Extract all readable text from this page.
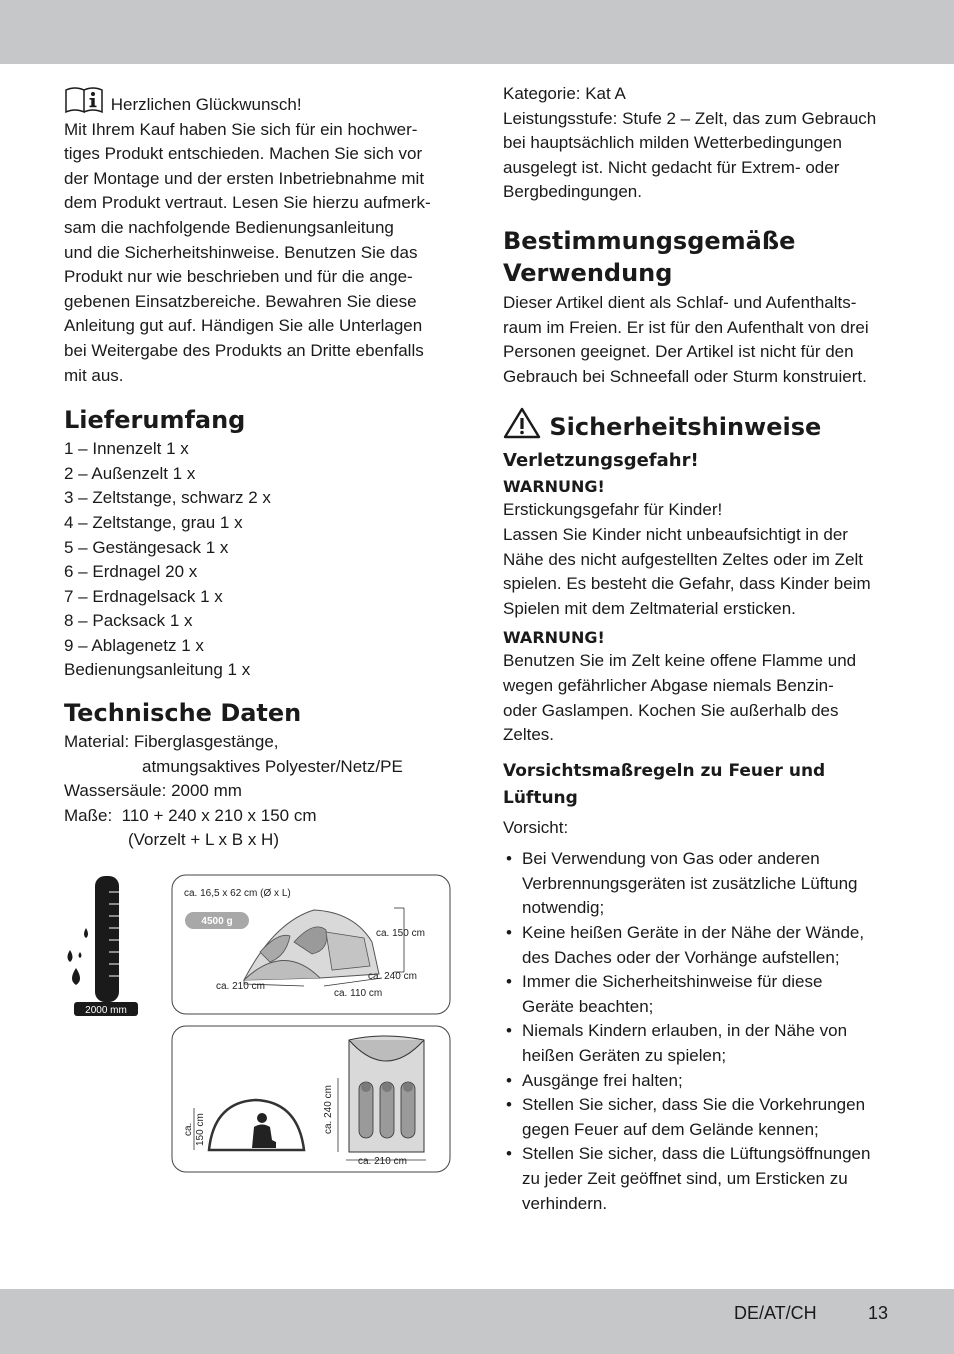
Herzlichen Glückwunsch!
Mit Ihrem Kauf haben Sie sich für ein hochwer-
tiges Produkt entschieden. Machen Sie sich vor
der Montage und der ersten Inbetriebnahme mit
dem Produkt vertraut. Lesen Sie hierzu aufmerk-
sam die nachfolgende Bedienungsanleitung
und die Sicherheitshinweise. Benutzen Sie das
Produkt nur wie beschrieben und für die ange-
gebenen Einsatzbereiche. Bewahren Sie diese
Anleitung gut auf. Händigen Sie alle Unterlagen
bei Weitergabe des Produkts an Dritte ebenfalls
mit aus.
Lieferumfang
1 – Innenzelt 1 x
2 – Außenzelt 1 x
3 – Zeltstange, schwarz 2 x
4 – Zeltstange, grau 1 x
5 – Gestängesack 1 x
6 – Erdnagel 20 x
7 – Erdnagelsack 1 x
8 – Packsack 1 x
9 – Ablagenetz 1 x
Bedienungsanleitung 1 x
Technische Daten
Material: Fiberglasgestänge,
atmungsaktives Polyester/Netz/PE
Wassersäule: 2000 mm
Maße: 110 + 240 x 210 x 150 cm
(Vorzelt + L x B x H)
2000 mm
ca. 16,5 x 62 cm (Ø x L)
4500 g
ca. 150 cm
ca. 210 cm
ca. 240 cm
ca. 110 cm
ca. 150 cm	ca. 240 cm
ca. 210 cm
Kategorie: Kat A
Leistungsstufe: Stufe 2 – Zelt, das zum Gebrauch
bei hauptsächlich milden Wetterbedingungen
ausgelegt ist. Nicht gedacht für Extrem- oder
Bergbedingungen.
Bestimmungsgemäße
Verwendung
Dieser Artikel dient als Schlaf- und Aufenthalts-
raum im Freien. Er ist für den Aufenthalt von drei
Personen geeignet. Der Artikel ist nicht für den
Gebrauch bei Schneefall oder Sturm konstruiert.
Sicherheitshinweise
Verletzungsgefahr!
WARNUNG!
Erstickungsgefahr für Kinder!
Lassen Sie Kinder nicht unbeaufsichtigt in der
Nähe des nicht aufgestellten Zeltes oder im Zelt
spielen. Es besteht die Gefahr, dass Kinder beim
Spielen mit dem Zeltmaterial ersticken.
WARNUNG!
Benutzen Sie im Zelt keine offene Flamme und
wegen gefährlicher Abgase niemals Benzin-
oder Gaslampen. Kochen Sie außerhalb des
Zeltes.
Vorsichtsmaßregeln zu Feuer und
Lüftung
Vorsicht:
• Bei Verwendung von Gas oder anderen
Verbrennungsgeräten ist zusätzliche Lüftung
notwendig;
• Keine heißen Geräte in der Nähe der Wände,
des Daches oder der Vorhänge aufstellen;
• Immer die Sicherheitshinweise für diese
Geräte beachten;
• Niemals Kindern erlauben, in der Nähe von
heißen Geräten zu spielen;
• Ausgänge frei halten;
• Stellen Sie sicher, dass Sie die Vorkehrungen
gegen Feuer auf dem Gelände kennen;
• Stellen Sie sicher, dass die Lüftungsöffnungen
zu jeder Zeit geöffnet sind, um Ersticken zu
verhindern.
DE/AT/CH	13
